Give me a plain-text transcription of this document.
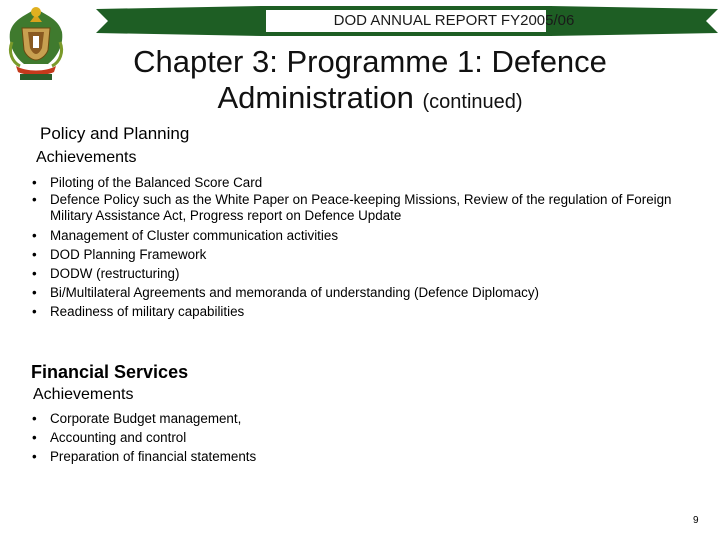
DOD ANNUAL REPORT FY2005/06
Chapter 3: Programme 1: Defence Administration (continued)
Policy and Planning
Achievements
• Piloting of the Balanced Score Card
• Defence Policy such as the White Paper on Peace-keeping Missions, Review of the regulation of Foreign Military Assistance Act, Progress report on Defence Update
• Management of Cluster communication activities
• DOD Planning Framework
• DODW (restructuring)
• Bi/Multilateral Agreements and memoranda of understanding (Defence Diplomacy)
• Readiness of military capabilities
Financial Services
Achievements
• Corporate Budget management,
• Accounting and control
• Preparation of financial statements
9
